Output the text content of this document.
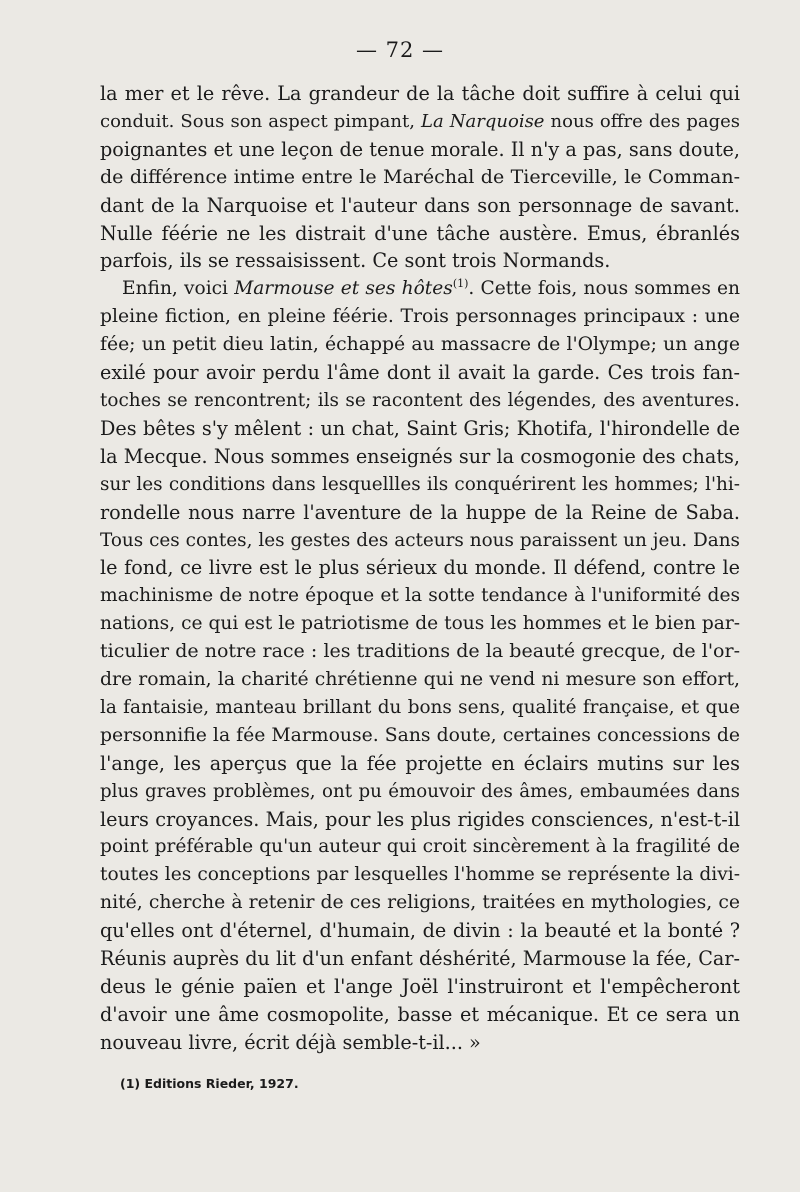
— 72 —
la mer et le rêve. La grandeur de la tâche doit suffire à celui qui
conduit. Sous son aspect pimpant, La Narquoise nous offre des pages
poignantes et une leçon de tenue morale. Il n'y a pas, sans doute,
de différence intime entre le Maréchal de Tierceville, le Comman-
dant de la Narquoise et l'auteur dans son personnage de savant.
Nulle féérie ne les distrait d'une tâche austère. Emus, ébranlés
parfois, ils se ressaisissent. Ce sont trois Normands.
Enfin, voici Marmouse et ses hôtes$^{(1)}$. Cette fois, nous sommes en
pleine fiction, en pleine féérie. Trois personnages principaux : une
fée; un petit dieu latin, échappé au massacre de l'Olympe; un ange
exilé pour avoir perdu l'âme dont il avait la garde. Ces trois fan-
toches se rencontrent; ils se racontent des légendes, des aventures.
Des bêtes s'y mêlent : un chat, Saint Gris; Khotifa, l'hirondelle de
la Mecque. Nous sommes enseignés sur la cosmogonie des chats,
sur les conditions dans lesquellles ils conquérirent les hommes; l'hi-
rondelle nous narre l'aventure de la huppe de la Reine de Saba.
Tous ces contes, les gestes des acteurs nous paraissent un jeu. Dans
le fond, ce livre est le plus sérieux du monde. Il défend, contre le
machinisme de notre époque et la sotte tendance à l'uniformité des
nations, ce qui est le patriotisme de tous les hommes et le bien par-
ticulier de notre race : les traditions de la beauté grecque, de l'or-
dre romain, la charité chrétienne qui ne vend ni mesure son effort,
la fantaisie, manteau brillant du bons sens, qualité française, et que
personnifie la fée Marmouse. Sans doute, certaines concessions de
l'ange, les aperçus que la fée projette en éclairs mutins sur les
plus graves problèmes, ont pu émouvoir des âmes, embaumées dans
leurs croyances. Mais, pour les plus rigides consciences, n'est-t-il
point préférable qu'un auteur qui croit sincèrement à la fragilité de
toutes les conceptions par lesquelles l'homme se représente la divi-
nité, cherche à retenir de ces religions, traitées en mythologies, ce
qu'elles ont d'éternel, d'humain, de divin : la beauté et la bonté ?
Réunis auprès du lit d'un enfant déshérité, Marmouse la fée, Car-
deus le génie païen et l'ange Joël l'instruiront et l'empêcheront
d'avoir une âme cosmopolite, basse et mécanique. Et ce sera un
nouveau livre, écrit déjà semble-t-il... »
(1) Editions Rieder, 1927.
